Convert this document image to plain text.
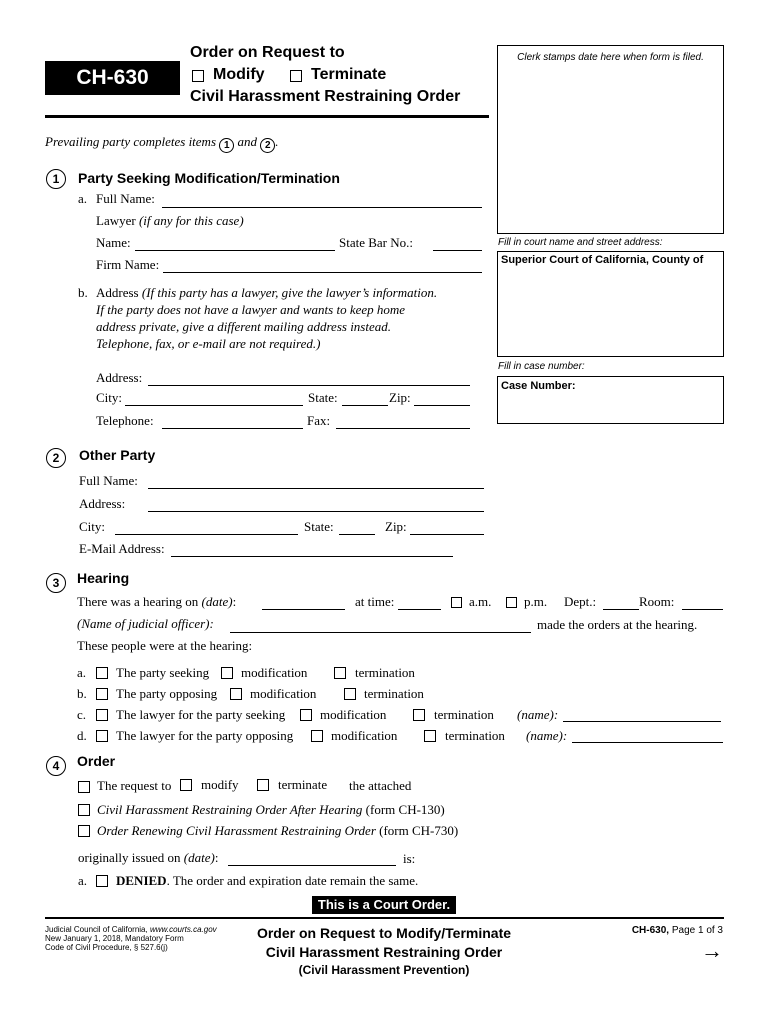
CH-630
Order on Request to
Modify	Terminate
Civil Harassment Restraining Order
Clerk stamps date here when form is filed.
Fill in court name and street address:
Superior Court of California, County of
Fill in case number:
Case Number:
Prevailing party completes items 1 and 2 .
1	Party Seeking Modification/Termination
a. Full Name:
Lawyer (if any for this case)
Name:	State Bar No.:
Firm Name:
b. Address (If this party has a lawyer, give the lawyer’s information.
If the party does not have a lawyer and wants to keep home
address private, give a different mailing address instead.
Telephone, fax, or e-mail are not required.)
Address:
City:	State:	Zip:
Telephone:	Fax:
2	Other Party
Full Name:
Address:
City:	State:	Zip:
E-Mail Address:
3	Hearing
There was a hearing on (date):	at time:	a.m.	p.m. Dept.:	Room:
(Name of judicial officer):	made the orders at the hearing.
These people were at the hearing:
a. The party seeking modification	termination
b. The party opposing	modification	termination
c. The lawyer for the party seeking	modification	termination (name):
d. The lawyer for the party opposing	modification	termination (name):
4	Order
The request to modify	terminate the attached
Civil Harassment Restraining Order After Hearing (form CH-130)
Order Renewing Civil Harassment Restraining Order (form CH-730)
originally issued on (date):	is:
a. DENIED. The order and expiration date remain the same.
This is a Court Order.
Judicial Council of California, www.courts.ca.gov
New January 1, 2018, Mandatory Form
Code of Civil Procedure, § 527.6(j)
Order on Request to Modify/Terminate
Civil Harassment Restraining Order
(Civil Harassment Prevention)
CH-630, Page 1 of 3
→
